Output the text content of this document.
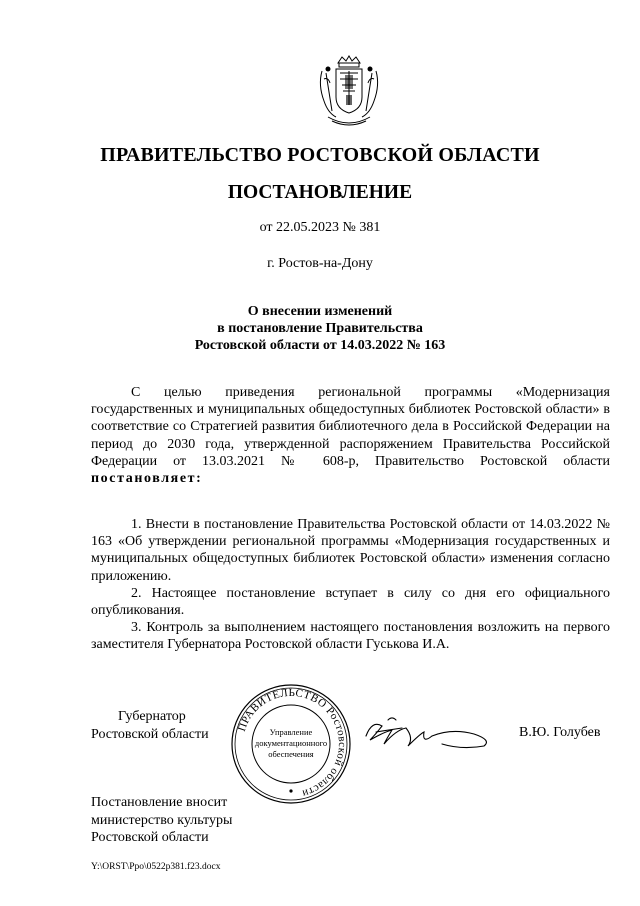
ПРАВИТЕЛЬСТВО РОСТОВСКОЙ ОБЛАСТИ
ПОСТАНОВЛЕНИЕ
от 22.05.2023 № 381
г. Ростов-на-Дону
О внесении изменений
в постановление Правительства
Ростовской области от 14.03.2022 № 163
С целью приведения региональной программы «Модернизация государственных и муниципальных общедоступных библиотек Ростовской области» в соответствие со Стратегией развития библиотечного дела в Российской Федерации на период до 2030 года, утвержденной распоряжением Правительства Российской Федерации от 13.03.2021 № 608-р, Правительство Ростовской области постановляет:
1. Внести в постановление Правительства Ростовской области от 14.03.2022 № 163 «Об утверждении региональной программы «Модернизация государственных и муниципальных общедоступных библиотек Ростовской области» изменения согласно приложению.
2. Настоящее постановление вступает в силу со дня его официального опубликования.
3. Контроль за выполнением настоящего постановления возложить на первого заместителя Губернатора Ростовской области Гуськова И.А.
Губернатор
Ростовской области ПРАВИТЕЛЬСТВО Ростовской области
Управление
документационного
обеспечения
В.Ю. Голубев
Постановление вносит
министерство культуры
Ростовской области
Y:\ORST\Ppo\0522p381.f23.docx
